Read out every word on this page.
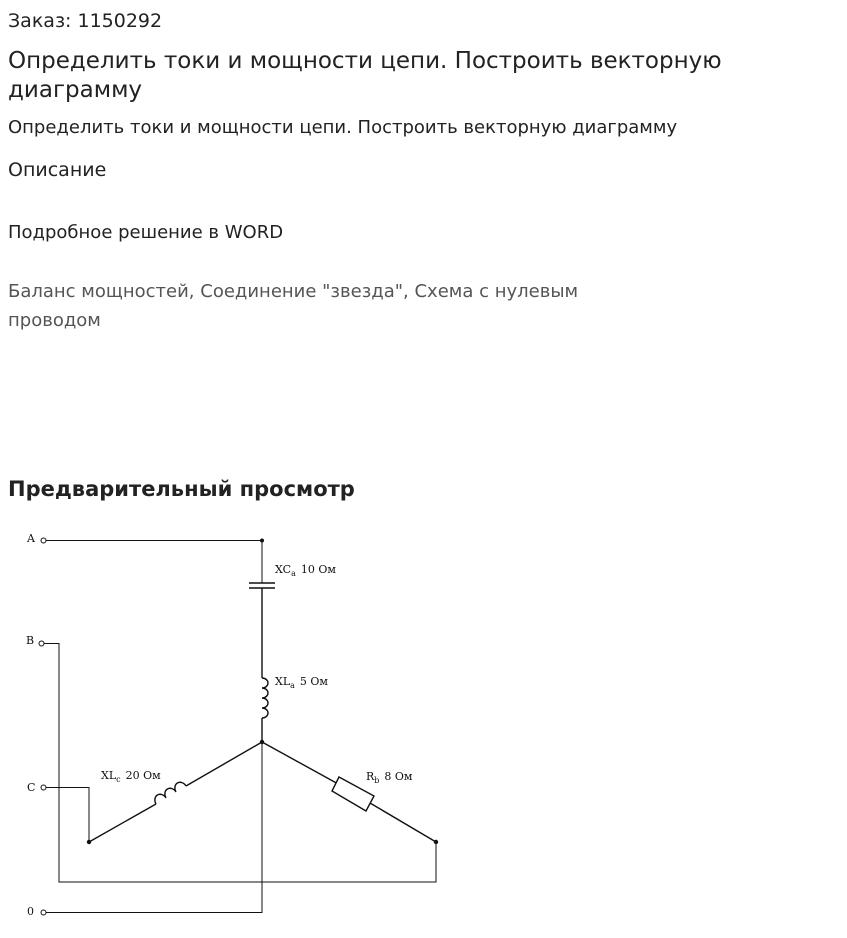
Заказ: 1150292
Определить токи и мощности цепи. Построить векторную диаграмму
Определить токи и мощности цепи. Построить векторную диаграмму
Описание
Подробное решение в WORD
Баланс мощностей, Соединение "звезда", Схема с нулевым проводом
Предварительный просмотр
A
B
C
0
$XC_a$ 10 Ом
$XL_a$ 5 Ом
$XL_c$ 20 Ом	$R_b$ 8 Ом
